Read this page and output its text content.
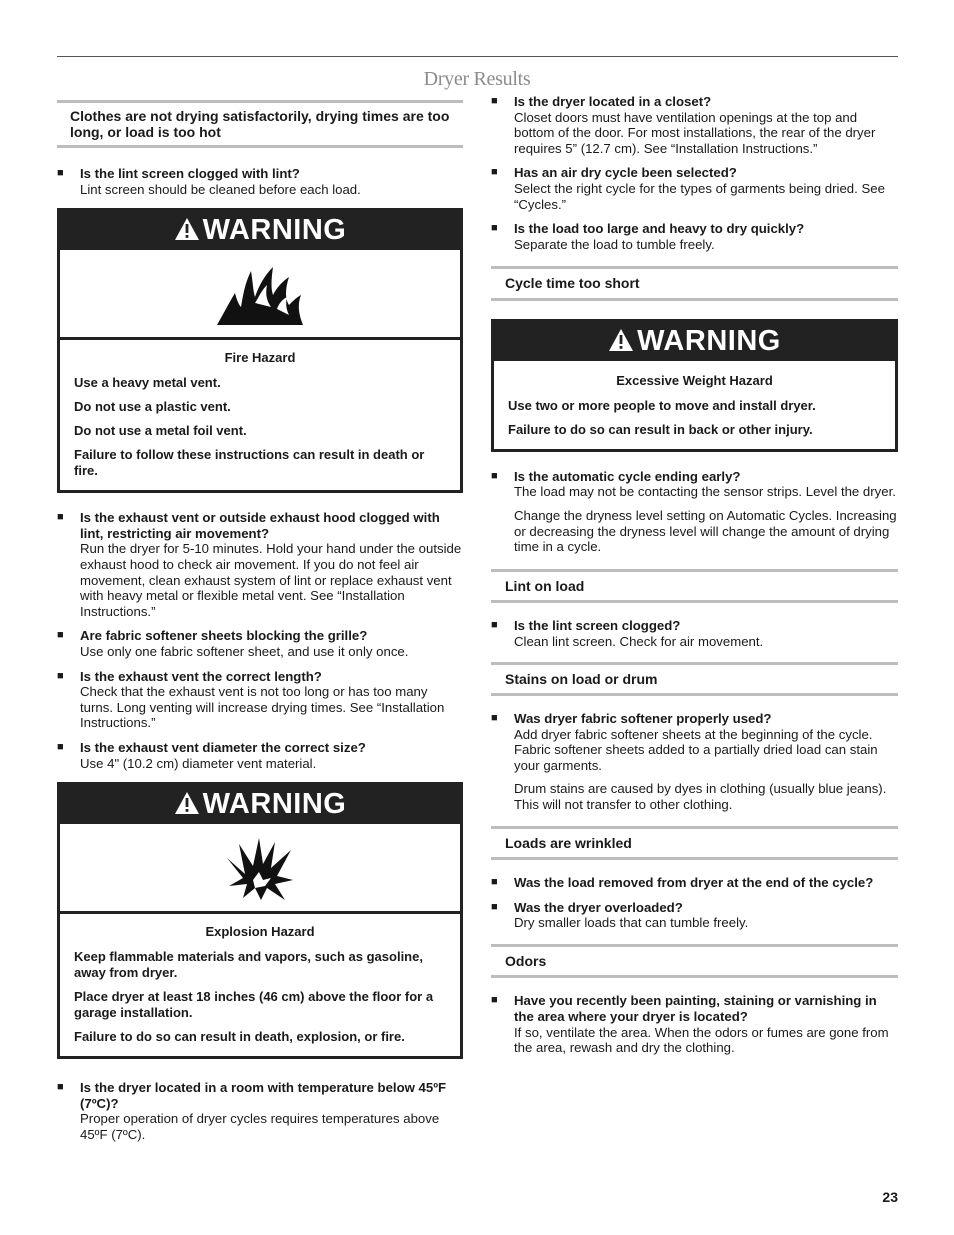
Dryer Results
Clothes are not drying satisfactorily, drying times are too long, or load is too hot
■ Is the lint screen clogged with lint?
Lint screen should be cleaned before each load.
WARNING
Fire Hazard

Use a heavy metal vent.

Do not use a plastic vent.

Do not use a metal foil vent.

Failure to follow these instructions can result in death or fire.

■ Is the exhaust vent or outside exhaust hood clogged with lint, restricting air movement?
Run the dryer for 5-10 minutes. Hold your hand under the outside exhaust hood to check air movement. If you do not feel air movement, clean exhaust system of lint or replace exhaust vent with heavy metal or flexible metal vent. See “Installation Instructions.”
■ Are fabric softener sheets blocking the grille?
Use only one fabric softener sheet, and use it only once.
■ Is the exhaust vent the correct length?
Check that the exhaust vent is not too long or has too many turns. Long venting will increase drying times. See “Installation Instructions.”
■ Is the exhaust vent diameter the correct size?
Use 4" (10.2 cm) diameter vent material.
WARNING
Explosion Hazard

Keep flammable materials and vapors, such as gasoline, away from dryer.

Place dryer at least 18 inches (46 cm) above the floor for a garage installation.

Failure to do so can result in death, explosion, or fire.

■ Is the dryer located in a room with temperature below 45ºF (7ºC)?
Proper operation of dryer cycles requires temperatures above 45ºF (7ºC).
■ Is the dryer located in a closet?
Closet doors must have ventilation openings at the top and bottom of the door. For most installations, the rear of the dryer requires 5” (12.7 cm). See “Installation Instructions.”
■ Has an air dry cycle been selected?
Select the right cycle for the types of garments being dried. See “Cycles.”
■ Is the load too large and heavy to dry quickly?
Separate the load to tumble freely.
Cycle time too short
WARNING
Excessive Weight Hazard

Use two or more people to move and install dryer.

Failure to do so can result in back or other injury.

■ Is the automatic cycle ending early?
The load may not be contacting the sensor strips. Level the dryer.
Change the dryness level setting on Automatic Cycles. Increasing or decreasing the dryness level will change the amount of drying time in a cycle.
Lint on load
■ Is the lint screen clogged?
Clean lint screen. Check for air movement.
Stains on load or drum
■ Was dryer fabric softener properly used?
Add dryer fabric softener sheets at the beginning of the cycle. Fabric softener sheets added to a partially dried load can stain your garments.
Drum stains are caused by dyes in clothing (usually blue jeans). This will not transfer to other clothing.
Loads are wrinkled
■ Was the load removed from dryer at the end of the cycle?
■ Was the dryer overloaded?
Dry smaller loads that can tumble freely.
Odors
■ Have you recently been painting, staining or varnishing in the area where your dryer is located?
If so, ventilate the area. When the odors or fumes are gone from the area, rewash and dry the clothing.
23
